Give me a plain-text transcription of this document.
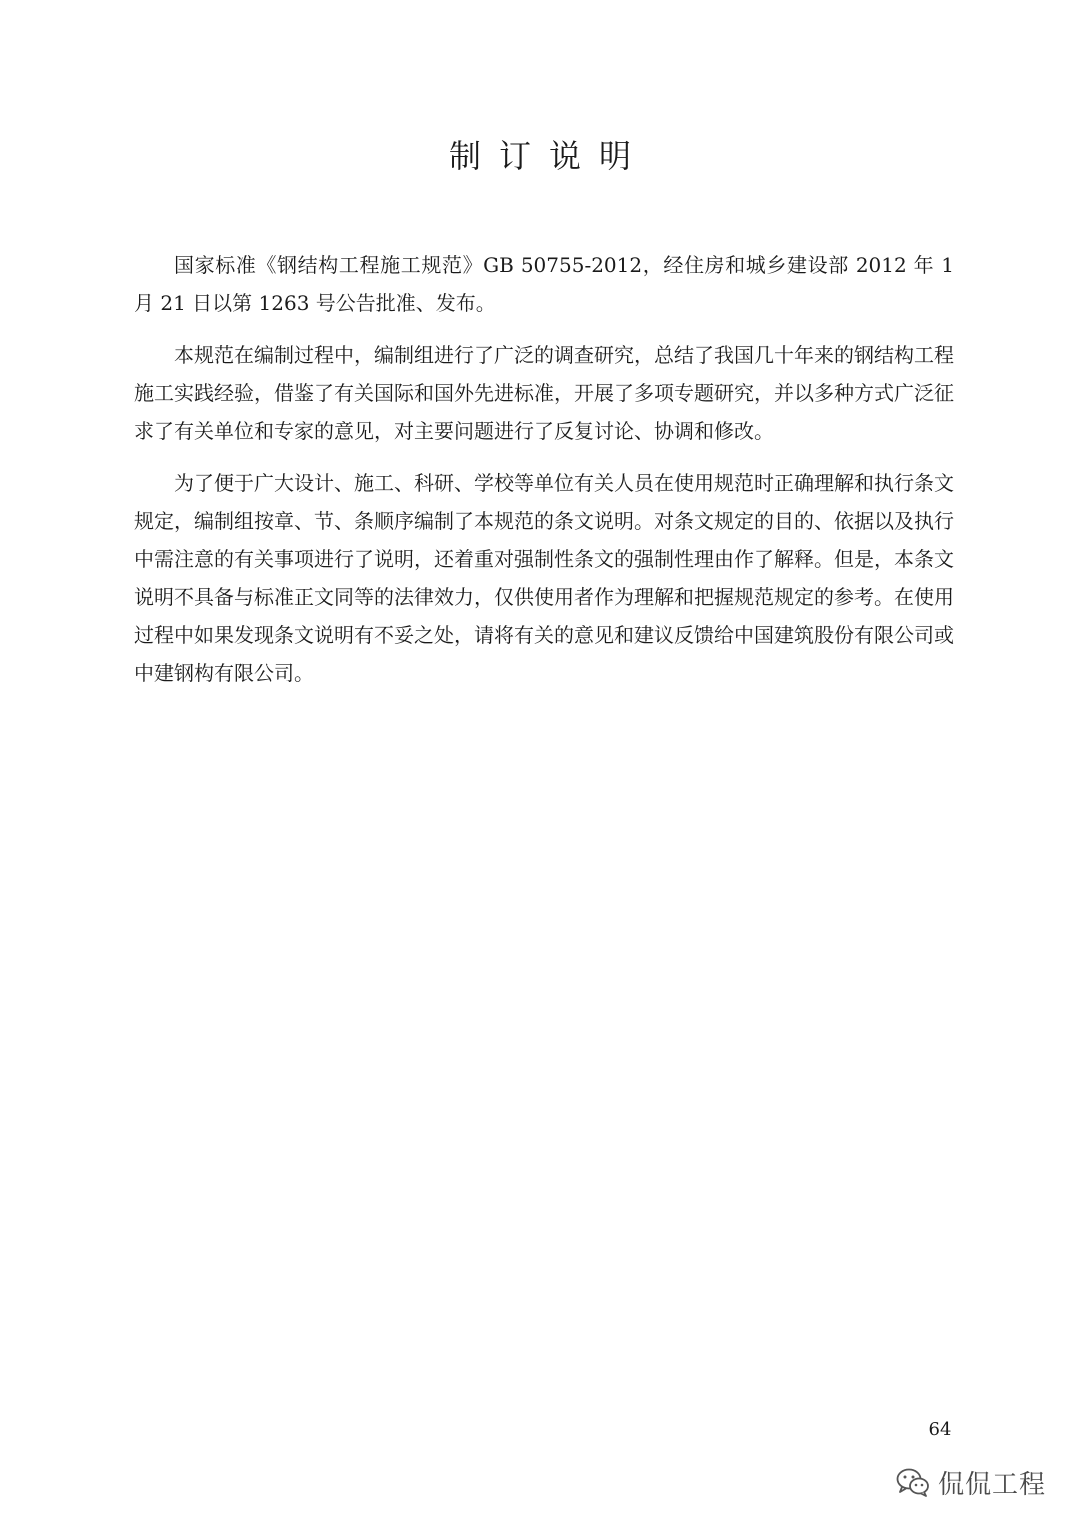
制订说明

国家标准《钢结构工程施工规范》GB 50755-2012，经住房和城乡建设部 2012 年 1 月 21 日以第 1263 号公告批准、发布。

本规范在编制过程中，编制组进行了广泛的调查研究，总结了我国几十年来的钢结构工程施工实践经验，借鉴了有关国际和国外先进标准，开展了多项专题研究，并以多种方式广泛征求了有关单位和专家的意见，对主要问题进行了反复讨论、协调和修改。

为了便于广大设计、施工、科研、学校等单位有关人员在使用规范时正确理解和执行条文规定，编制组按章、节、条顺序编制了本规范的条文说明。对条文规定的目的、依据以及执行中需注意的有关事项进行了说明，还着重对强制性条文的强制性理由作了解释。但是，本条文说明不具备与标准正文同等的法律效力，仅供使用者作为理解和把握规范规定的参考。在使用过程中如果发现条文说明有不妥之处，请将有关的意见和建议反馈给中国建筑股份有限公司或中建钢构有限公司。

64
侃侃工程
